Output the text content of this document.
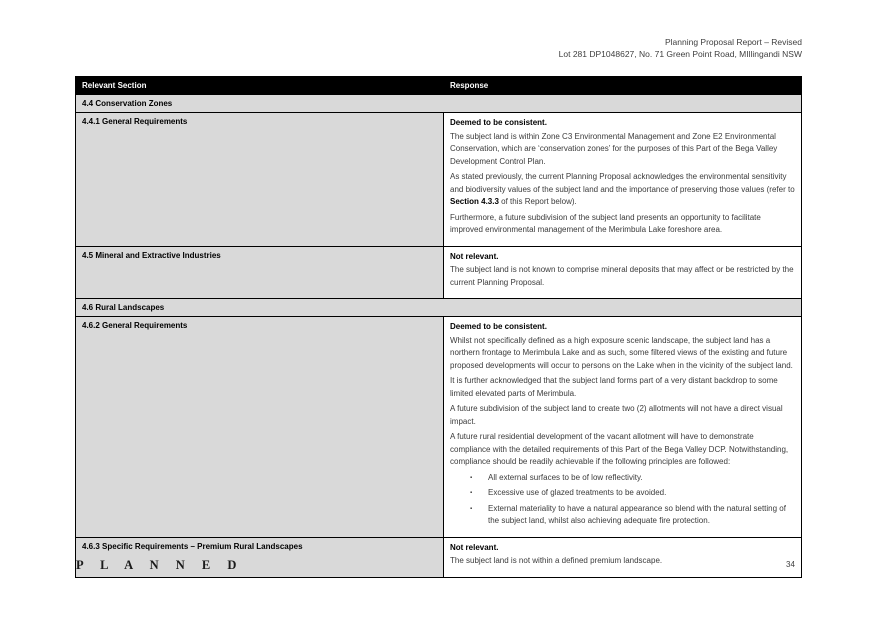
Planning Proposal Report – Revised
Lot 281 DP1048627, No. 71 Green Point Road, MIllingandi NSW
Relevant Section	Response
4.4 Conservation Zones
4.4.1 General Requirements	Deemed to be consistent.
The subject land is within Zone C3 Environmental Management and Zone E2 Environmental Conservation, which are ‘conservation zones’ for the purposes of this Part of the Bega Valley Development Control Plan.
As stated previously, the current Planning Proposal acknowledges the environmental sensitivity and biodiversity values of the subject land and the importance of preserving those values (refer to Section 4.3.3 of this Report below).
Furthermore, a future subdivision of the subject land presents an opportunity to facilitate improved environmental management of the Merimbula Lake foreshore area.
4.5 Mineral and Extractive Industries	Not relevant.
The subject land is not known to comprise mineral deposits that may affect or be restricted by the current Planning Proposal.
4.6 Rural Landscapes
4.6.2 General Requirements	Deemed to be consistent.
Whilst not specifically defined as a high exposure scenic landscape, the subject land has a northern frontage to Merimbula Lake and as such, some filtered views of the existing and future proposed developments will occur to persons on the Lake when in the vicinity of the subject land.
It is further acknowledged that the subject land forms part of a very distant backdrop to some limited elevated parts of Merimbula.
A future subdivision of the subject land to create two (2) allotments will not have a direct visual impact.
A future rural residential development of the vacant allotment will have to demonstrate compliance with the detailed requirements of this Part of the Bega Valley DCP. Notwithstanding, compliance should be readily achievable if the following principles are followed:
▪	All external surfaces to be of low reflectivity.
▪	Excessive use of glazed treatments to be avoided.
▪	External materiality to have a natural appearance so blend with the natural setting of the subject land, whilst also achieving adequate fire protection.
4.6.3 Specific Requirements – Premium Rural Landscapes	Not relevant.
The subject land is not within a defined premium landscape.
P L A N N E D	34
